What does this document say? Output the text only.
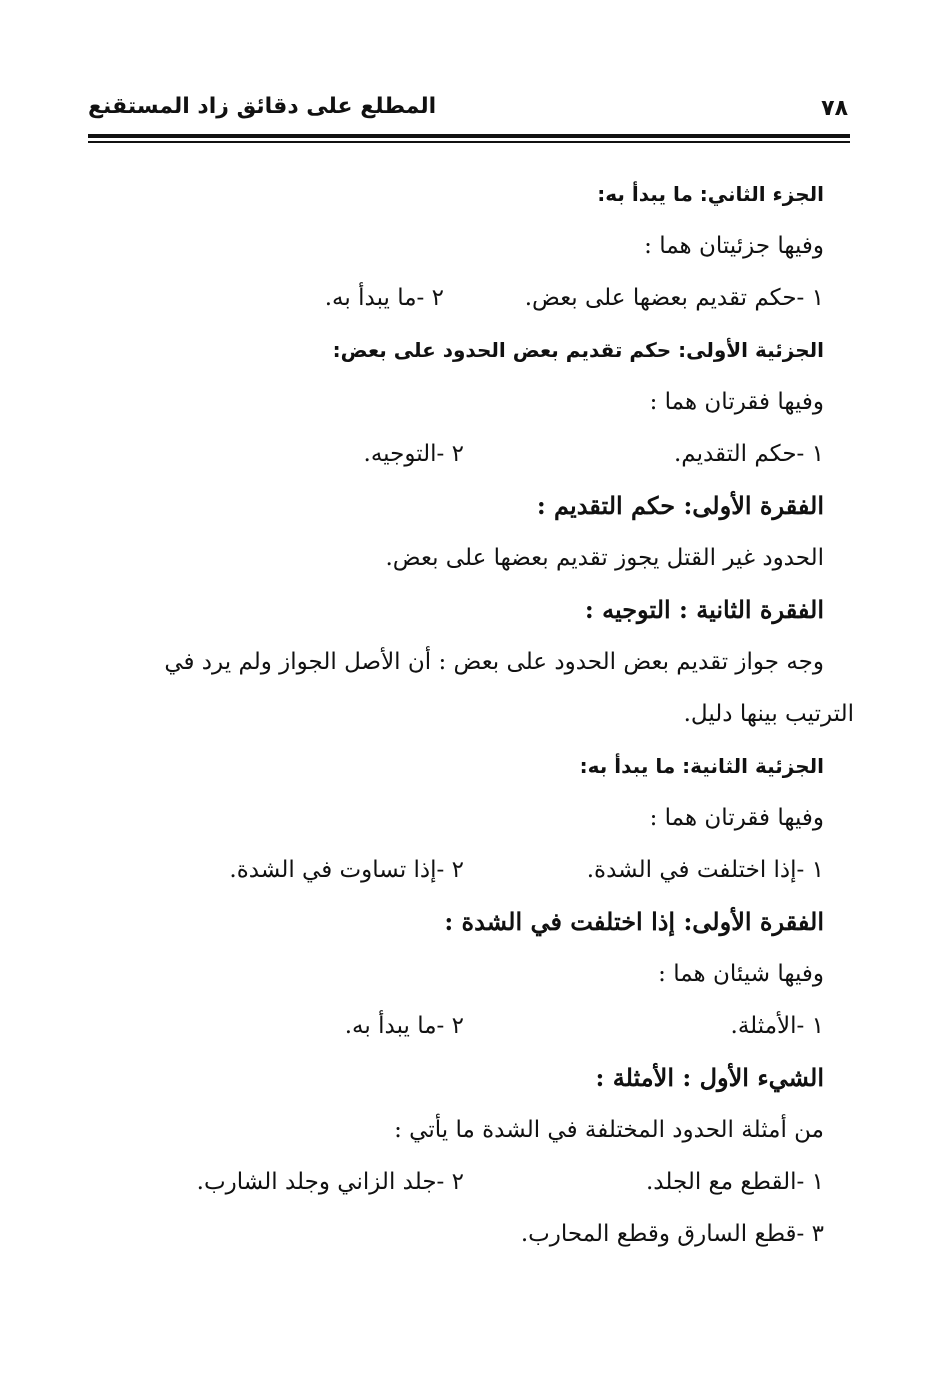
٧٨
المطلع على دقائق زاد المستقنع
الجزء الثاني: ما يبدأ به:
وفيها جزئيتان هما :
١ -حكم تقديم بعضها على بعض.
٢ -ما يبدأ به.
الجزئية الأولى: حكم تقديم بعض الحدود على بعض:
وفيها فقرتان هما :
١ -حكم التقديم.
٢ -التوجيه.
الفقرة الأولى: حكم التقديم :
الحدود غير القتل يجوز تقديم بعضها على بعض.
الفقرة الثانية : التوجيه :
وجه جواز تقديم بعض الحدود على بعض : أن الأصل الجواز ولم يرد في
الترتيب بينها دليل.
الجزئية الثانية: ما يبدأ به:
وفيها فقرتان هما :
١ -إذا اختلفت في الشدة.
٢ -إذا تساوت في الشدة.
الفقرة الأولى: إذا اختلفت في الشدة :
وفيها شيئان هما :
١ -الأمثلة.
٢ -ما يبدأ به.
الشيء الأول : الأمثلة :
من أمثلة الحدود المختلفة في الشدة ما يأتي :
١ -القطع مع الجلد.
٢ -جلد الزاني وجلد الشارب.
٣ -قطع السارق وقطع المحارب.
